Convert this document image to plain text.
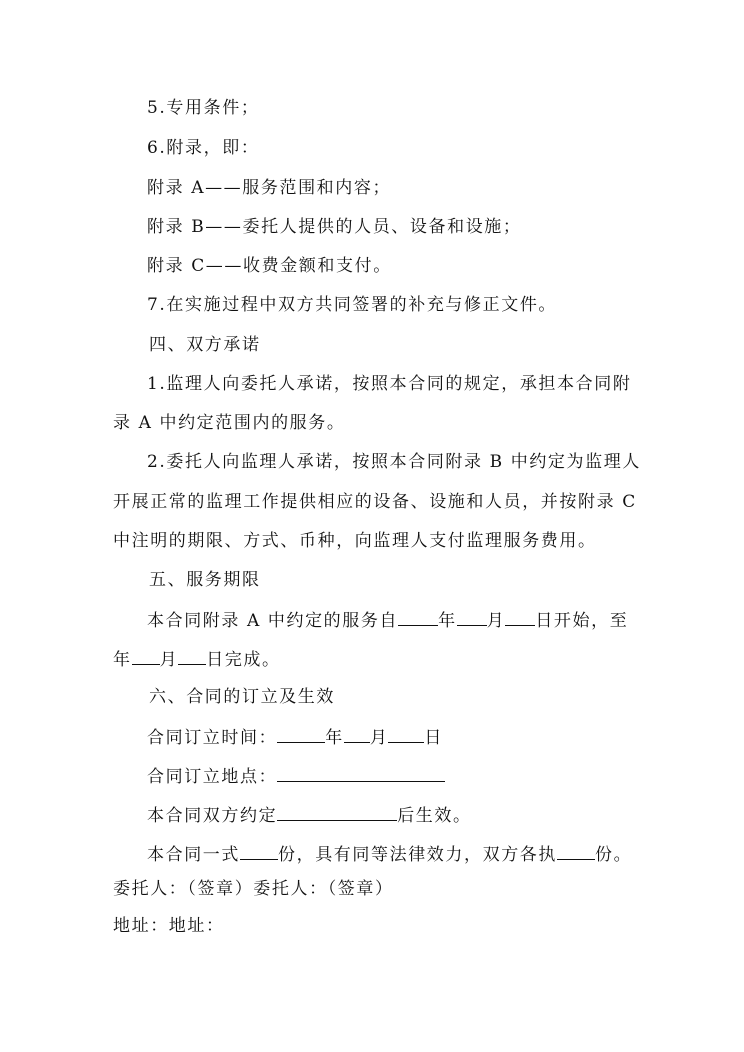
5.专用条件；
6.附录，即：
附录 A——服务范围和内容；
附录 B——委托人提供的人员、设备和设施；
附录 C——收费金额和支付。
7.在实施过程中双方共同签署的补充与修正文件。
四、双方承诺
1.监理人向委托人承诺，按照本合同的规定，承担本合同附
录 A 中约定范围内的服务。
2.委托人向监理人承诺，按照本合同附录 B 中约定为监理人
开展正常的监理工作提供相应的设备、设施和人员，并按附录 C
中注明的期限、方式、币种，向监理人支付监理服务费用。
五、服务期限
本合同附录 A 中约定的服务自 年 月 日开始，至
年 月 日完成。
六、合同的订立及生效
合同订立时间：	年 月 日
合同订立地点：
本合同双方约定	后生效。
本合同一式 份，具有同等法律效力，双方各执 份。
委托人：（签章）委托人：（签章）
地址：地址：
